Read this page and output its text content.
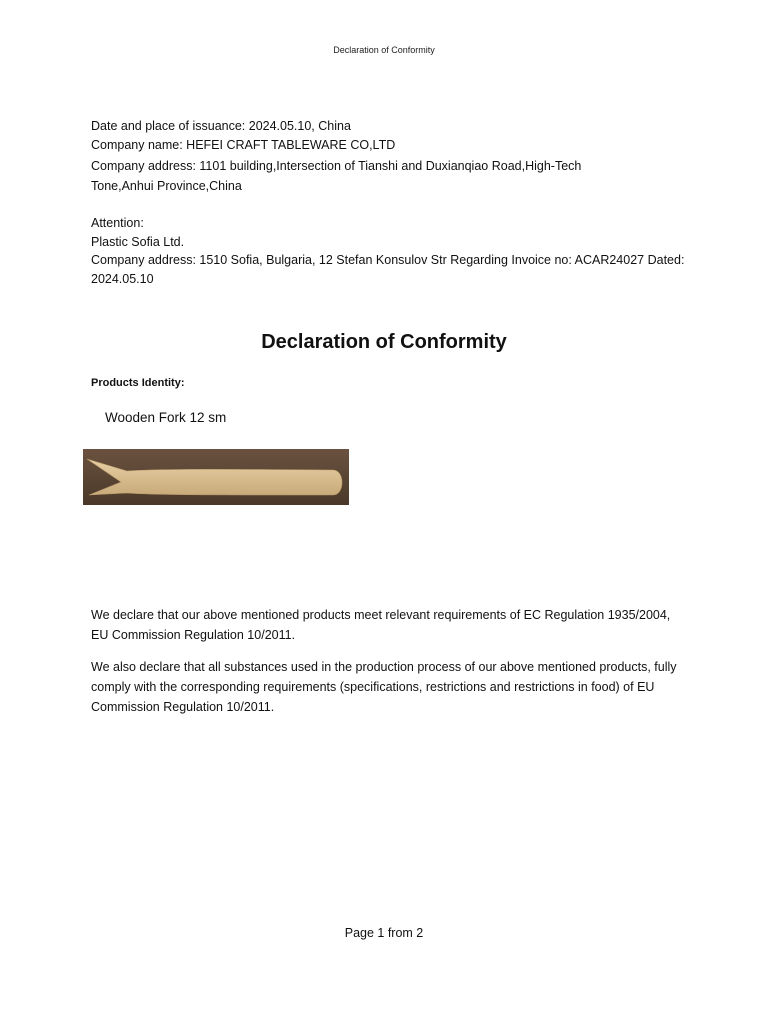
Declaration of Conformity
Date and place of issuance: 2024.05.10, China
Company name: HEFEI CRAFT TABLEWARE CO,LTD
Company address: 1101 building,Intersection of Tianshi and Duxianqiao Road,High-Tech
Tone,Anhui Province,China
Attention:
Plastic Sofia Ltd.
Company address: 1510 Sofia, Bulgaria, 12 Stefan Konsulov Str Regarding Invoice no: ACAR24027 Dated:
2024.05.10
Declaration of Conformity
Products Identity:
Wooden Fork 12 sm
We declare that our above mentioned products meet relevant requirements of EC Regulation 1935/2004, EU Commission Regulation 10/2011.
We also declare that all substances used in the production process of our above mentioned products, fully comply with the corresponding requirements (specifications, restrictions and restrictions in food) of EU Commission Regulation 10/2011.
Page 1 from 2
